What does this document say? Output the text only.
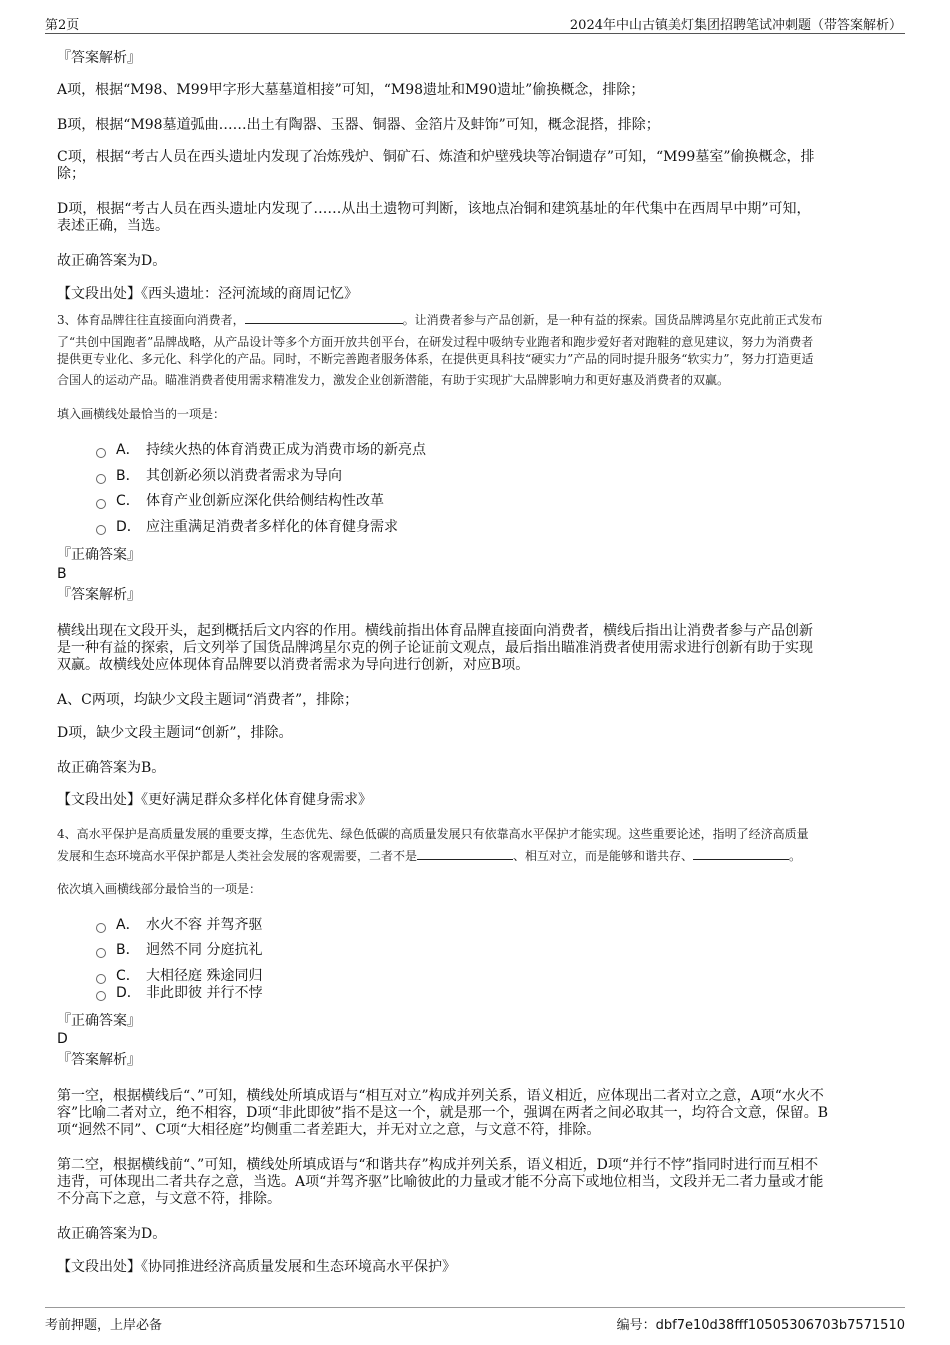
第2页	2024年中山古镇美灯集团招聘笔试冲刺题（带答案解析）
『答案解析』
A项，根据“M98、M99甲字形大墓墓道相接”可知，“M98遗址和M90遗址”偷换概念，排除；
B项，根据“M98墓道弧曲……出土有陶器、玉器、铜器、金箔片及蚌饰”可知，概念混搭，排除；
C项，根据“考古人员在西头遗址内发现了冶炼残炉、铜矿石、炼渣和炉壁残块等冶铜遗存”可知，“M99墓室”偷换概念，排
除；
D项，根据“考古人员在西头遗址内发现了……从出土遗物可判断，该地点冶铜和建筑基址的年代集中在西周早中期”可知，
表述正确，当选。
故正确答案为D。
【文段出处】《西头遗址：泾河流域的商周记忆》
3、体育品牌往往直接面向消费者，	。让消费者参与产品创新，是一种有益的探索。国货品牌鸿星尔克此前正式发布
了“共创中国跑者”品牌战略，从产品设计等多个方面开放共创平台，在研发过程中吸纳专业跑者和跑步爱好者对跑鞋的意见建议，努力为消费者
提供更专业化、多元化、科学化的产品。同时，不断完善跑者服务体系，在提供更具科技“硬实力”产品的同时提升服务“软实力”，努力打造更适
合国人的运动产品。瞄准消费者使用需求精准发力，激发企业创新潜能，有助于实现扩大品牌影响力和更好惠及消费者的双赢。
填入画横线处最恰当的一项是：
A． 持续火热的体育消费正成为消费市场的新亮点
B． 其创新必须以消费者需求为导向
C． 体育产业创新应深化供给侧结构性改革
D． 应注重满足消费者多样化的体育健身需求
『正确答案』
B
『答案解析』
横线出现在文段开头，起到概括后文内容的作用。横线前指出体育品牌直接面向消费者，横线后指出让消费者参与产品创新
是一种有益的探索，后文列举了国货品牌鸿星尔克的例子论证前文观点，最后指出瞄准消费者使用需求进行创新有助于实现
双赢。故横线处应体现体育品牌要以消费者需求为导向进行创新，对应B项。
A、C两项，均缺少文段主题词“消费者”，排除；
D项，缺少文段主题词“创新”，排除。
故正确答案为B。
【文段出处】《更好满足群众多样化体育健身需求》
4、高水平保护是高质量发展的重要支撑，生态优先、绿色低碳的高质量发展只有依靠高水平保护才能实现。这些重要论述，指明了经济高质量
发展和生态环境高水平保护都是人类社会发展的客观需要，二者不是	、相互对立，而是能够和谐共存、	。
依次填入画横线部分最恰当的一项是：
A． 水火不容 并驾齐驱
B． 迥然不同 分庭抗礼
C． 大相径庭 殊途同归
D． 非此即彼 并行不悖
『正确答案』
D
『答案解析』
第一空，根据横线后“、”可知，横线处所填成语与“相互对立”构成并列关系，语义相近，应体现出二者对立之意，A项“水火不
容”比喻二者对立，绝不相容，D项“非此即彼”指不是这一个，就是那一个，强调在两者之间必取其一，均符合文意，保留。B
项“迥然不同”、C项“大相径庭”均侧重二者差距大，并无对立之意，与文意不符，排除。
第二空，根据横线前“、”可知，横线处所填成语与“和谐共存”构成并列关系，语义相近，D项“并行不悖”指同时进行而互相不
违背，可体现出二者共存之意，当选。A项“并驾齐驱”比喻彼此的力量或才能不分高下或地位相当，文段并无二者力量或才能
不分高下之意，与文意不符，排除。
故正确答案为D。
【文段出处】《协同推进经济高质量发展和生态环境高水平保护》
考前押题，上岸必备	编号：dbf7e10d38fff10505306703b7571510
